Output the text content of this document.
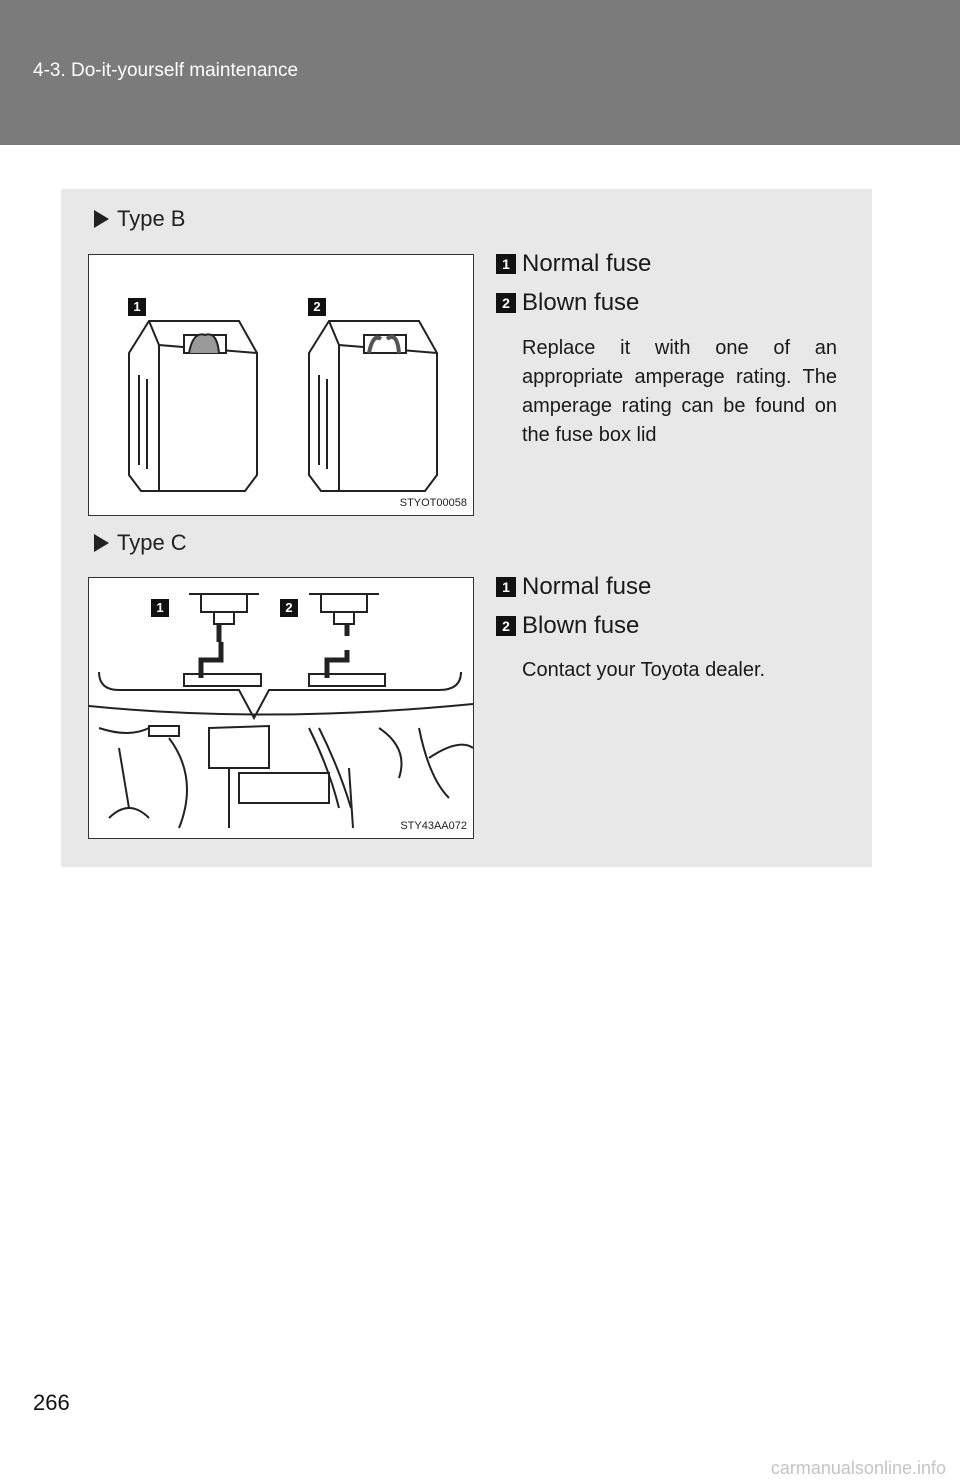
4-3. Do-it-yourself maintenance
Type B
1	2
STYOT00058
1 Normal fuse
2 Blown fuse
Replace it with one of an appropriate amperage rating. The amperage rating can be found on the fuse box lid
Type C
1	2
STY43AA072
1 Normal fuse
2 Blown fuse
Contact your Toyota dealer.
266
carmanualsonline.info
